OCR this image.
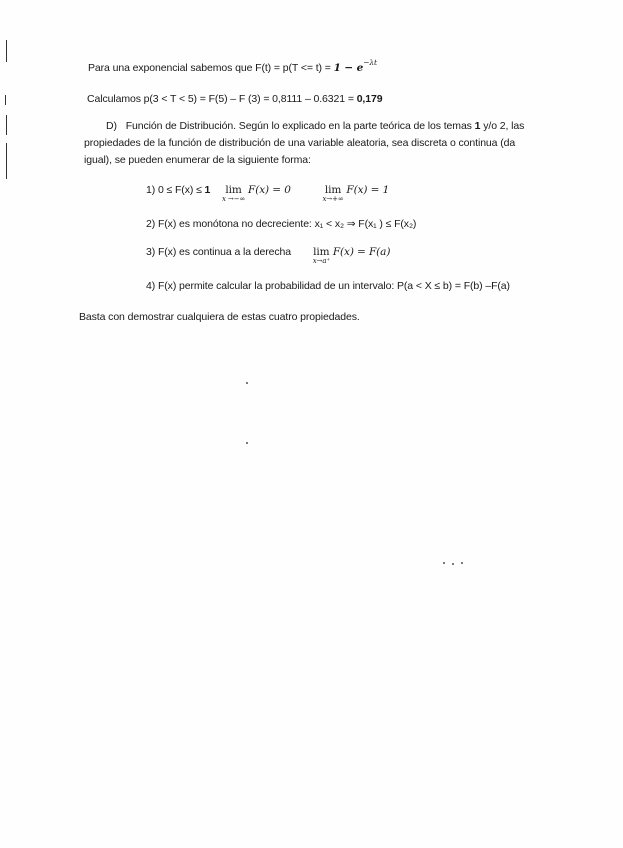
Para una exponencial sabemos que $F(t) = p(T <= t) = 1 - e^{-\lambda t}$
Calculamos p(3 < T < 5) = F(5) – F (3) = 0,8111 – 0.6321 = 0,179
D) Función de Distribución. Según lo explicado en la parte teórica de los temas 1 y/o 2, las
propiedades de la función de distribución de una variable aleatoria, sea discreta o continua (da
igual), se pueden enumerar de la siguiente forma:
1) 0 ≤ F(x) ≤ 1	lim
x →−∞
F(x) = 0	lim
x→+∞
F(x) = 1
2) F(x) es monótona no decreciente: x₁ < x₂ ⇒ F(x₁ ) ≤ F(x₂)
3) F(x) es continua a la derecha lim
x→a⁺
F(x) = F(a)
4) F(x) permite calcular la probabilidad de un intervalo: P(a < X ≤ b) = F(b) –F(a)
Basta con demostrar cualquiera de estas cuatro propiedades.
